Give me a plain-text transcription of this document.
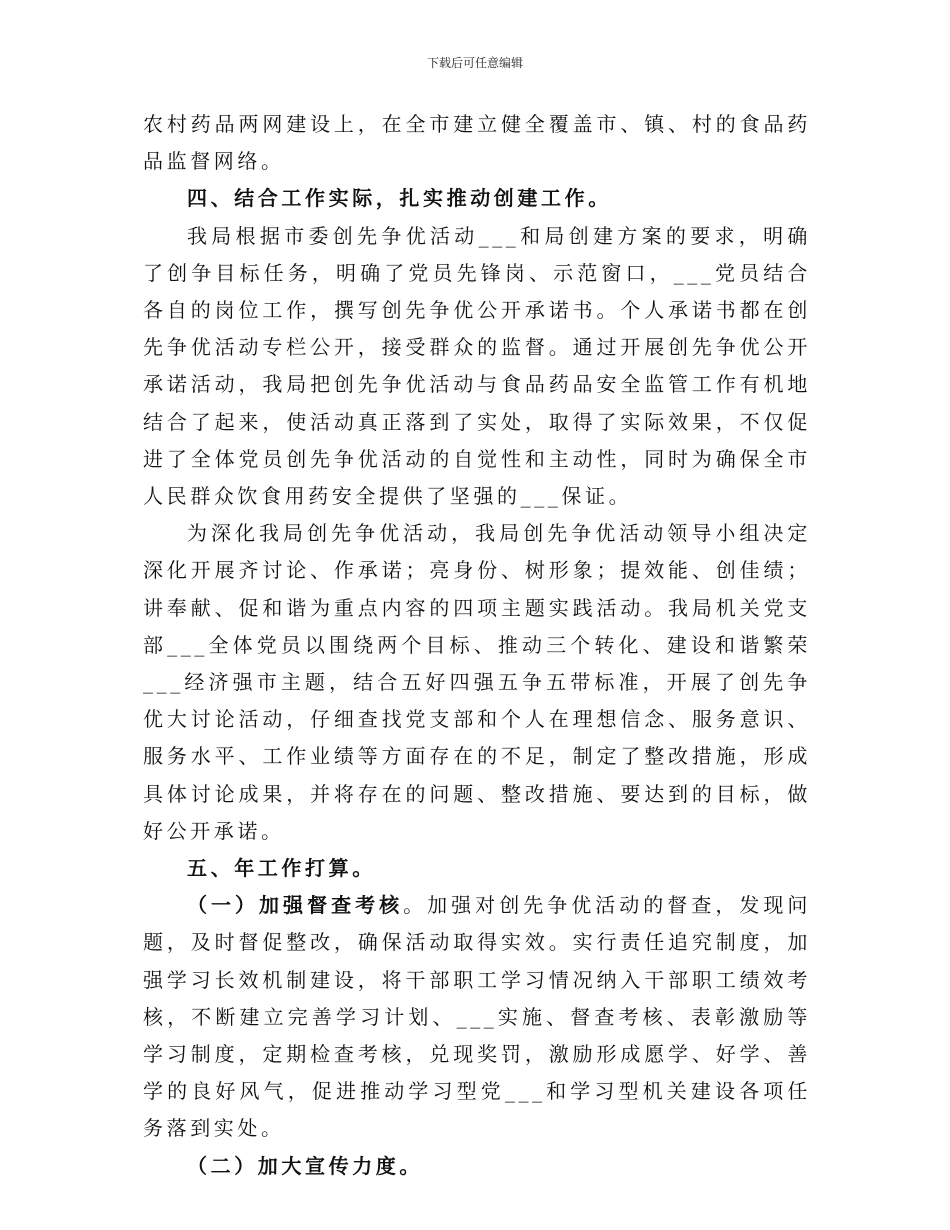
下载后可任意编辑

农村药品两网建设上，在全市建立健全覆盖市、镇、村的食品药品监督网络。

四、结合工作实际，扎实推动创建工作。

我局根据市委创先争优活动___和局创建方案的要求，明确了创争目标任务，明确了党员先锋岗、示范窗口，___党员结合各自的岗位工作，撰写创先争优公开承诺书。个人承诺书都在创先争优活动专栏公开，接受群众的监督。通过开展创先争优公开承诺活动，我局把创先争优活动与食品药品安全监管工作有机地结合了起来，使活动真正落到了实处，取得了实际效果，不仅促进了全体党员创先争优活动的自觉性和主动性，同时为确保全市人民群众饮食用药安全提供了坚强的___保证。

为深化我局创先争优活动，我局创先争优活动领导小组决定深化开展齐讨论、作承诺；亮身份、树形象；提效能、创佳绩；讲奉献、促和谐为重点内容的四项主题实践活动。我局机关党支部___全体党员以围绕两个目标、推动三个转化、建设和谐繁荣___经济强市主题，结合五好四强五争五带标准，开展了创先争优大讨论活动，仔细查找党支部和个人在理想信念、服务意识、服务水平、工作业绩等方面存在的不足，制定了整改措施，形成具体讨论成果，并将存在的问题、整改措施、要达到的目标，做好公开承诺。

五、年工作打算。

（一）加强督查考核。加强对创先争优活动的督查，发现问题，及时督促整改，确保活动取得实效。实行责任追究制度，加强学习长效机制建设，将干部职工学习情况纳入干部职工绩效考核，不断建立完善学习计划、___实施、督查考核、表彰激励等学习制度，定期检查考核，兑现奖罚，激励形成愿学、好学、善学的良好风气，促进推动学习型党___和学习型机关建设各项任务落到实处。

（二）加大宣传力度。
